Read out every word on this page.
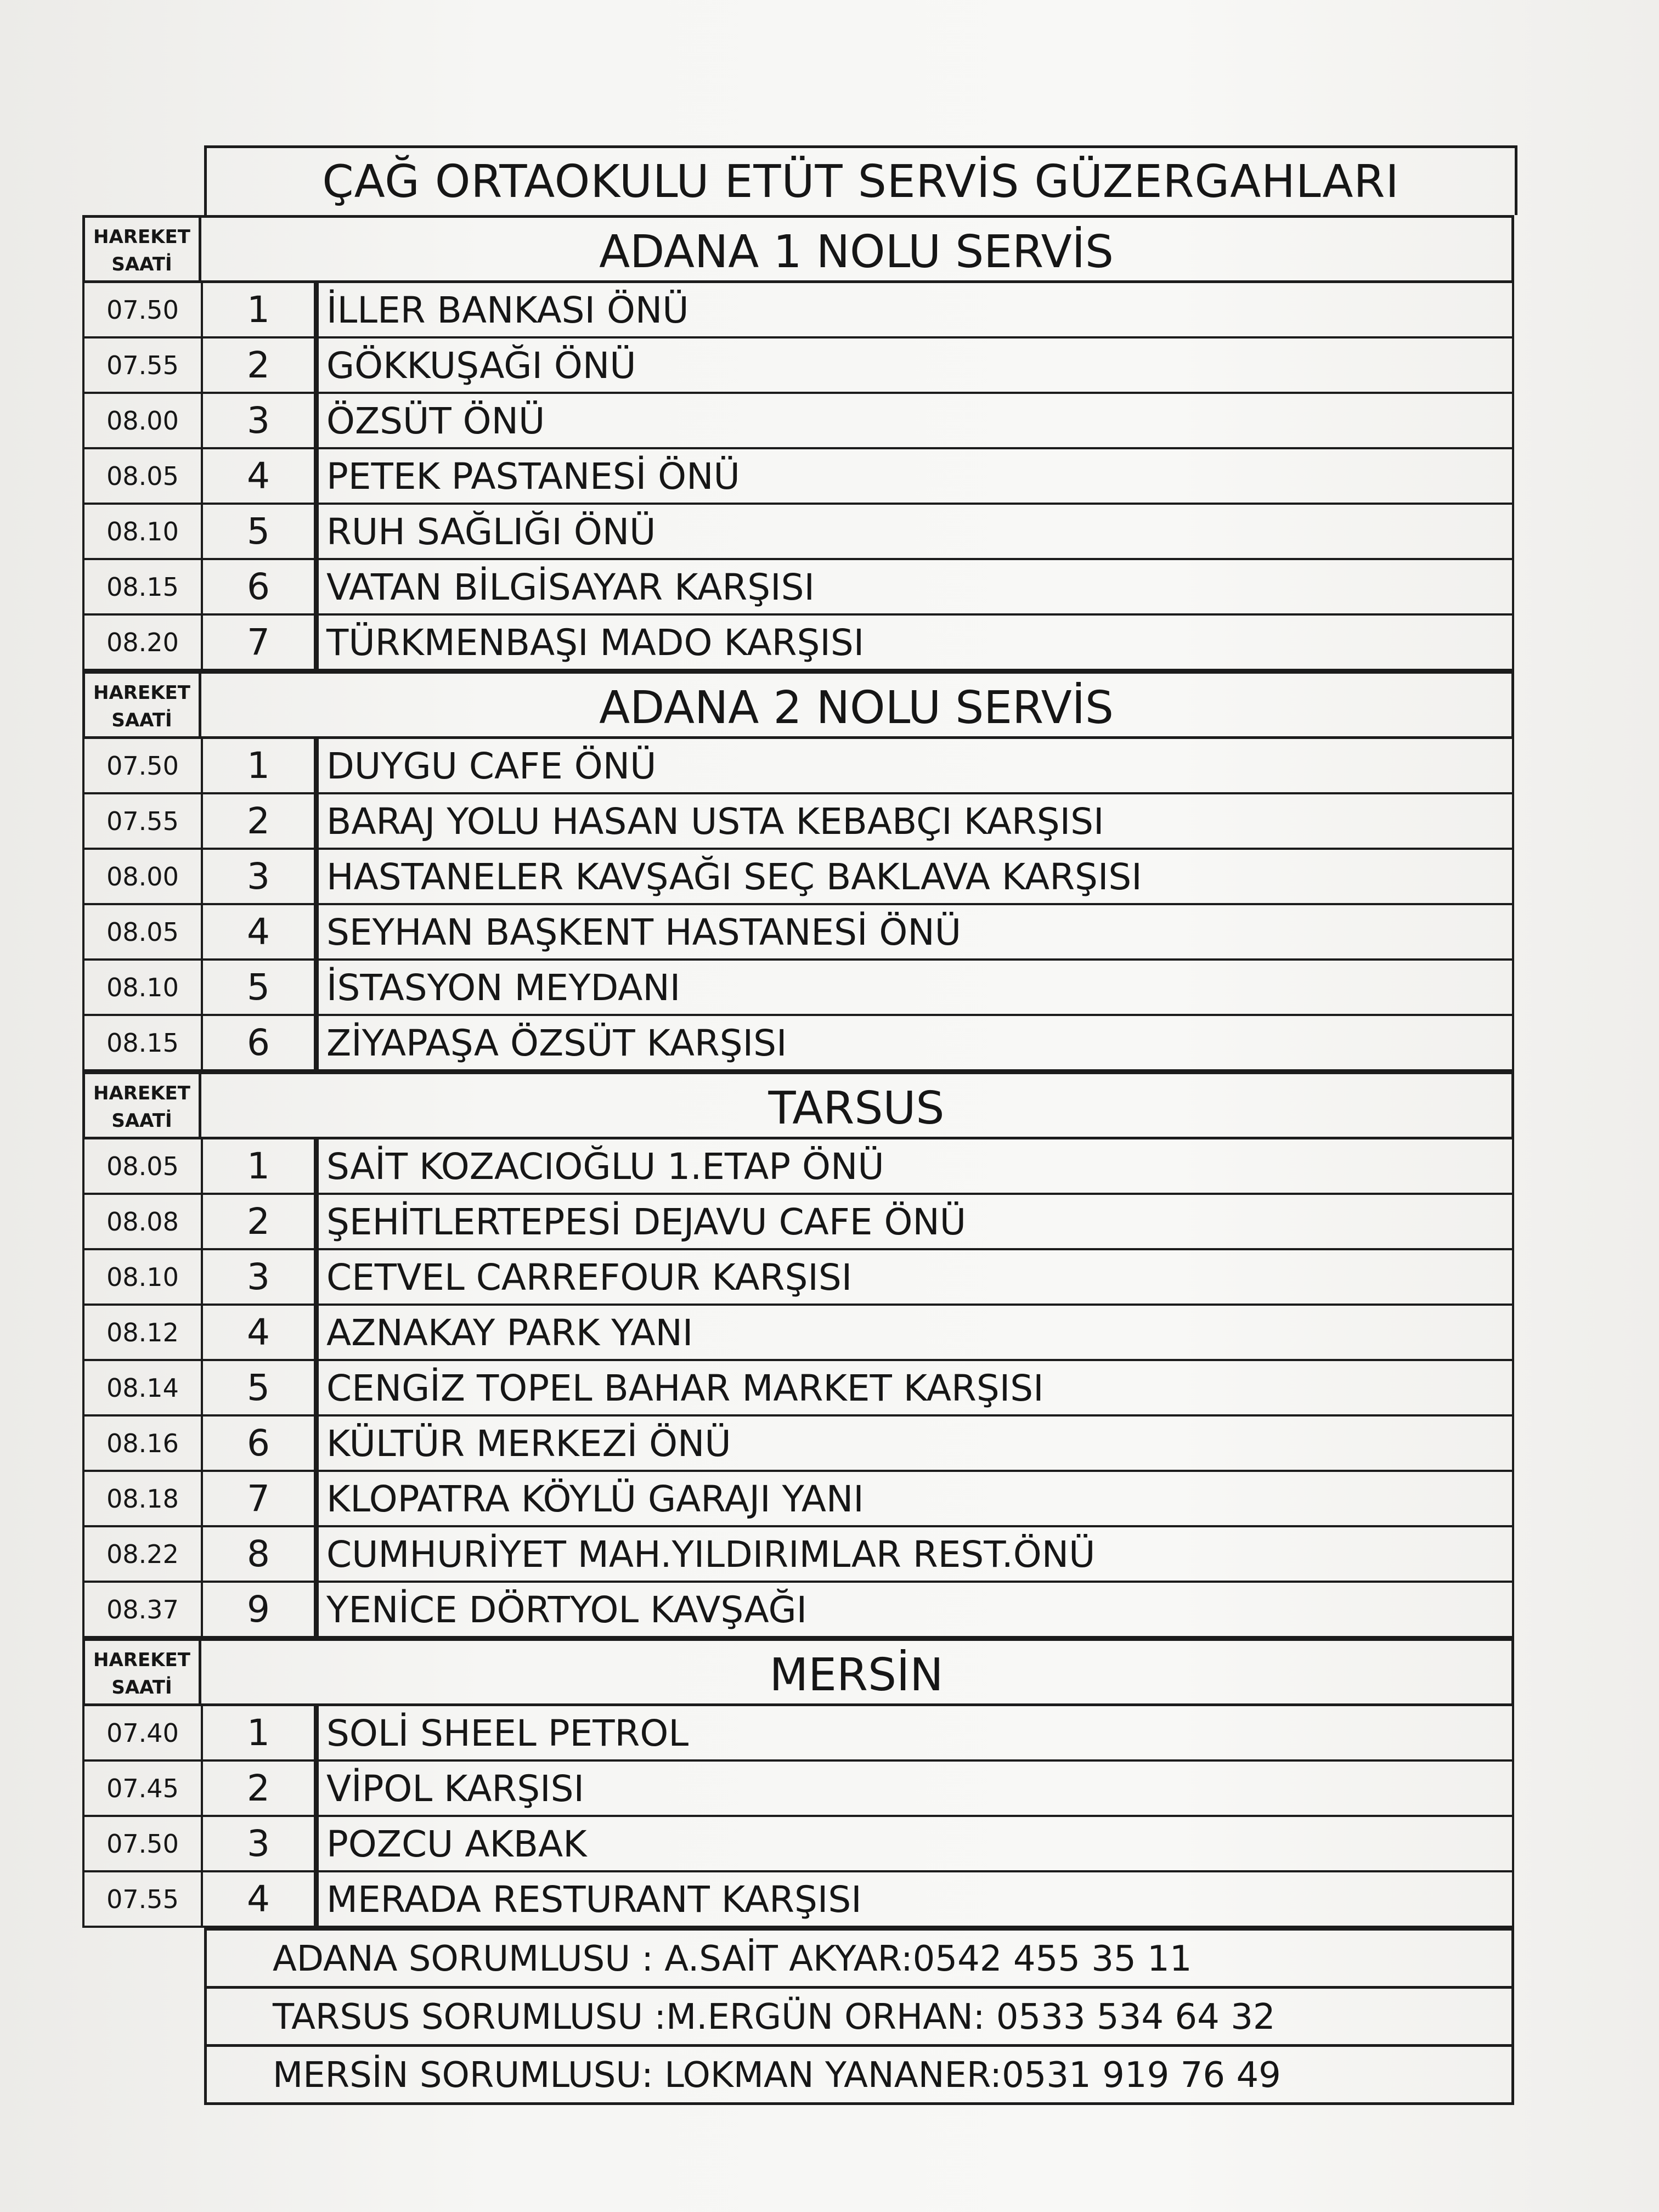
ÇAĞ ORTAOKULU ETÜT SERVİS GÜZERGAHLARI
HAREKET
SAATİ	ADANA 1 NOLU SERVİS
07.50	1	İLLER BANKASI ÖNÜ
07.55	2	GÖKKUŞAĞI ÖNÜ
08.00	3	ÖZSÜT ÖNÜ
08.05	4	PETEK PASTANESİ ÖNÜ
08.10	5	RUH SAĞLIĞI ÖNÜ
08.15	6	VATAN BİLGİSAYAR KARŞISI
08.20	7	TÜRKMENBAŞI MADO KARŞISI
HAREKET
SAATİ	ADANA 2 NOLU SERVİS
07.50	1	DUYGU CAFE ÖNÜ
07.55	2	BARAJ YOLU HASAN USTA KEBABÇI KARŞISI
08.00	3	HASTANELER KAVŞAĞI SEÇ BAKLAVA KARŞISI
08.05	4	SEYHAN BAŞKENT HASTANESİ ÖNÜ
08.10	5	İSTASYON MEYDANI
08.15	6	ZİYAPAŞA ÖZSÜT KARŞISI
HAREKET
SAATİ	TARSUS
08.05	1	SAİT KOZACIOĞLU 1.ETAP ÖNÜ
08.08	2	ŞEHİTLERTEPESİ DEJAVU CAFE ÖNÜ
08.10	3	CETVEL CARREFOUR KARŞISI
08.12	4	AZNAKAY PARK YANI
08.14	5	CENGİZ TOPEL BAHAR MARKET KARŞISI
08.16	6	KÜLTÜR MERKEZİ ÖNÜ
08.18	7	KLOPATRA KÖYLÜ GARAJI YANI
08.22	8	CUMHURİYET MAH.YILDIRIMLAR REST.ÖNÜ
08.37	9	YENİCE DÖRTYOL KAVŞAĞI
HAREKET
SAATİ	MERSİN
07.40	1	SOLİ SHEEL PETROL
07.45	2	VİPOL KARŞISI
07.50	3	POZCU AKBAK
07.55	4	MERADA RESTURANT KARŞISI
ADANA SORUMLUSU : A.SAİT AKYAR:0542 455 35 11
TARSUS SORUMLUSU :M.ERGÜN ORHAN: 0533 534 64 32
MERSİN SORUMLUSU: LOKMAN YANANER:0531 919 76 49
